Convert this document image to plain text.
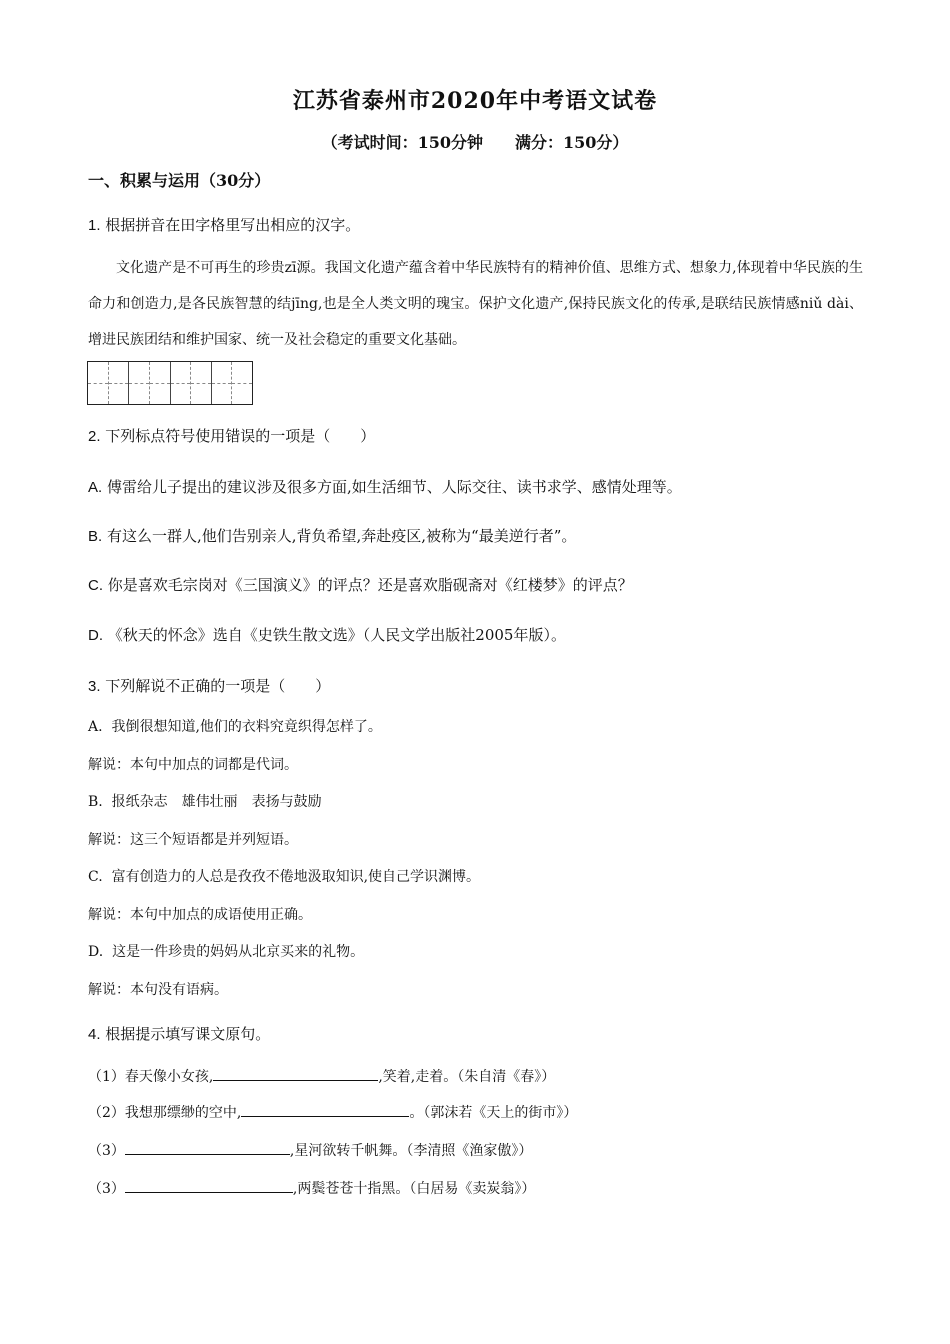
江苏省泰州市2020年中考语文试卷
（考试时间：150分钟 满分：150分）
一、积累与运用（30分）
1. 根据拼音在田字格里写出相应的汉字。
文化遗产是不可再生的珍贵zī源。我国文化遗产蕴含着中华民族特有的精神价值、思维方式、想象力,体现着中华民族的生命力和创造力,是各民族智慧的结jīng,也是全人类文明的瑰宝。保护文化遗产,保持民族文化的传承,是联结民族情感niǔ dài、增进民族团结和维护国家、统一及社会稳定的重要文化基础。
2. 下列标点符号使用错误的一项是（　　）
A. 傅雷给儿子提出的建议涉及很多方面,如生活细节、人际交往、读书求学、感情处理等。
B. 有这么一群人,他们告别亲人,背负希望,奔赴疫区,被称为“最美逆行者”。
C. 你是喜欢毛宗岗对《三国演义》的评点？还是喜欢脂砚斋对《红楼梦》的评点？
D. 《秋天的怀念》选自《史铁生散文选》（人民文学出版社2005年版）。
3. 下列解说不正确的一项是（　　）
A. 我倒很想知道,他们的衣料究竟织得怎样了。
解说：本句中加点的词都是代词。
B. 报纸杂志　雄伟壮丽　表扬与鼓励
解说：这三个短语都是并列短语。
C. 富有创造力的人总是孜孜不倦地汲取知识,使自己学识渊博。
解说：本句中加点的成语使用正确。
D. 这是一件珍贵的妈妈从北京买来的礼物。
解说：本句没有语病。
4. 根据提示填写课文原句。
（1）春天像小女孩,	,笑着,走着。（朱自清《春》）
（2）我想那缥缈的空中,	。（郭沫若《天上的街市》）
（3）	,星河欲转千帆舞。（李清照《渔家傲》）
（3）	,两鬓苍苍十指黑。（白居易《卖炭翁》）
